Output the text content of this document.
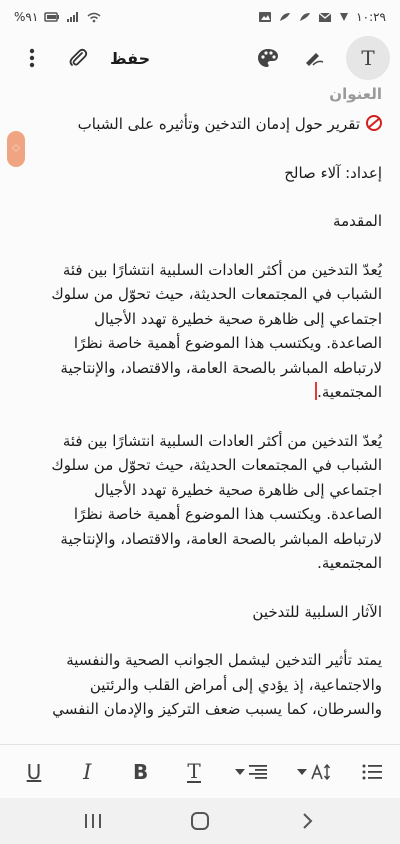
%٩١	١٠:٢٩
حفظ	T
︿
﹀
العنوان
تقرير حول إدمان التدخين وتأثيره على الشباب
إعداد: آلاء صالح
المقدمة
يُعدّ التدخين من أكثر العادات السلبية انتشارًا بين فئة
الشباب في المجتمعات الحديثة، حيث تحوّل من سلوك
اجتماعي إلى ظاهرة صحية خطيرة تهدد الأجيال
الصاعدة. ويكتسب هذا الموضوع أهمية خاصة نظرًا
لارتباطه المباشر بالصحة العامة، والاقتصاد، والإنتاجية
المجتمعية.
يُعدّ التدخين من أكثر العادات السلبية انتشارًا بين فئة
الشباب في المجتمعات الحديثة، حيث تحوّل من سلوك
اجتماعي إلى ظاهرة صحية خطيرة تهدد الأجيال
الصاعدة. ويكتسب هذا الموضوع أهمية خاصة نظرًا
لارتباطه المباشر بالصحة العامة، والاقتصاد، والإنتاجية
المجتمعية.
الآثار السلبية للتدخين
يمتد تأثير التدخين ليشمل الجوانب الصحية والنفسية
والاجتماعية، إذ يؤدي إلى أمراض القلب والرئتين
والسرطان، كما يسبب ضعف التركيز والإدمان النفسي
U	I	B T
